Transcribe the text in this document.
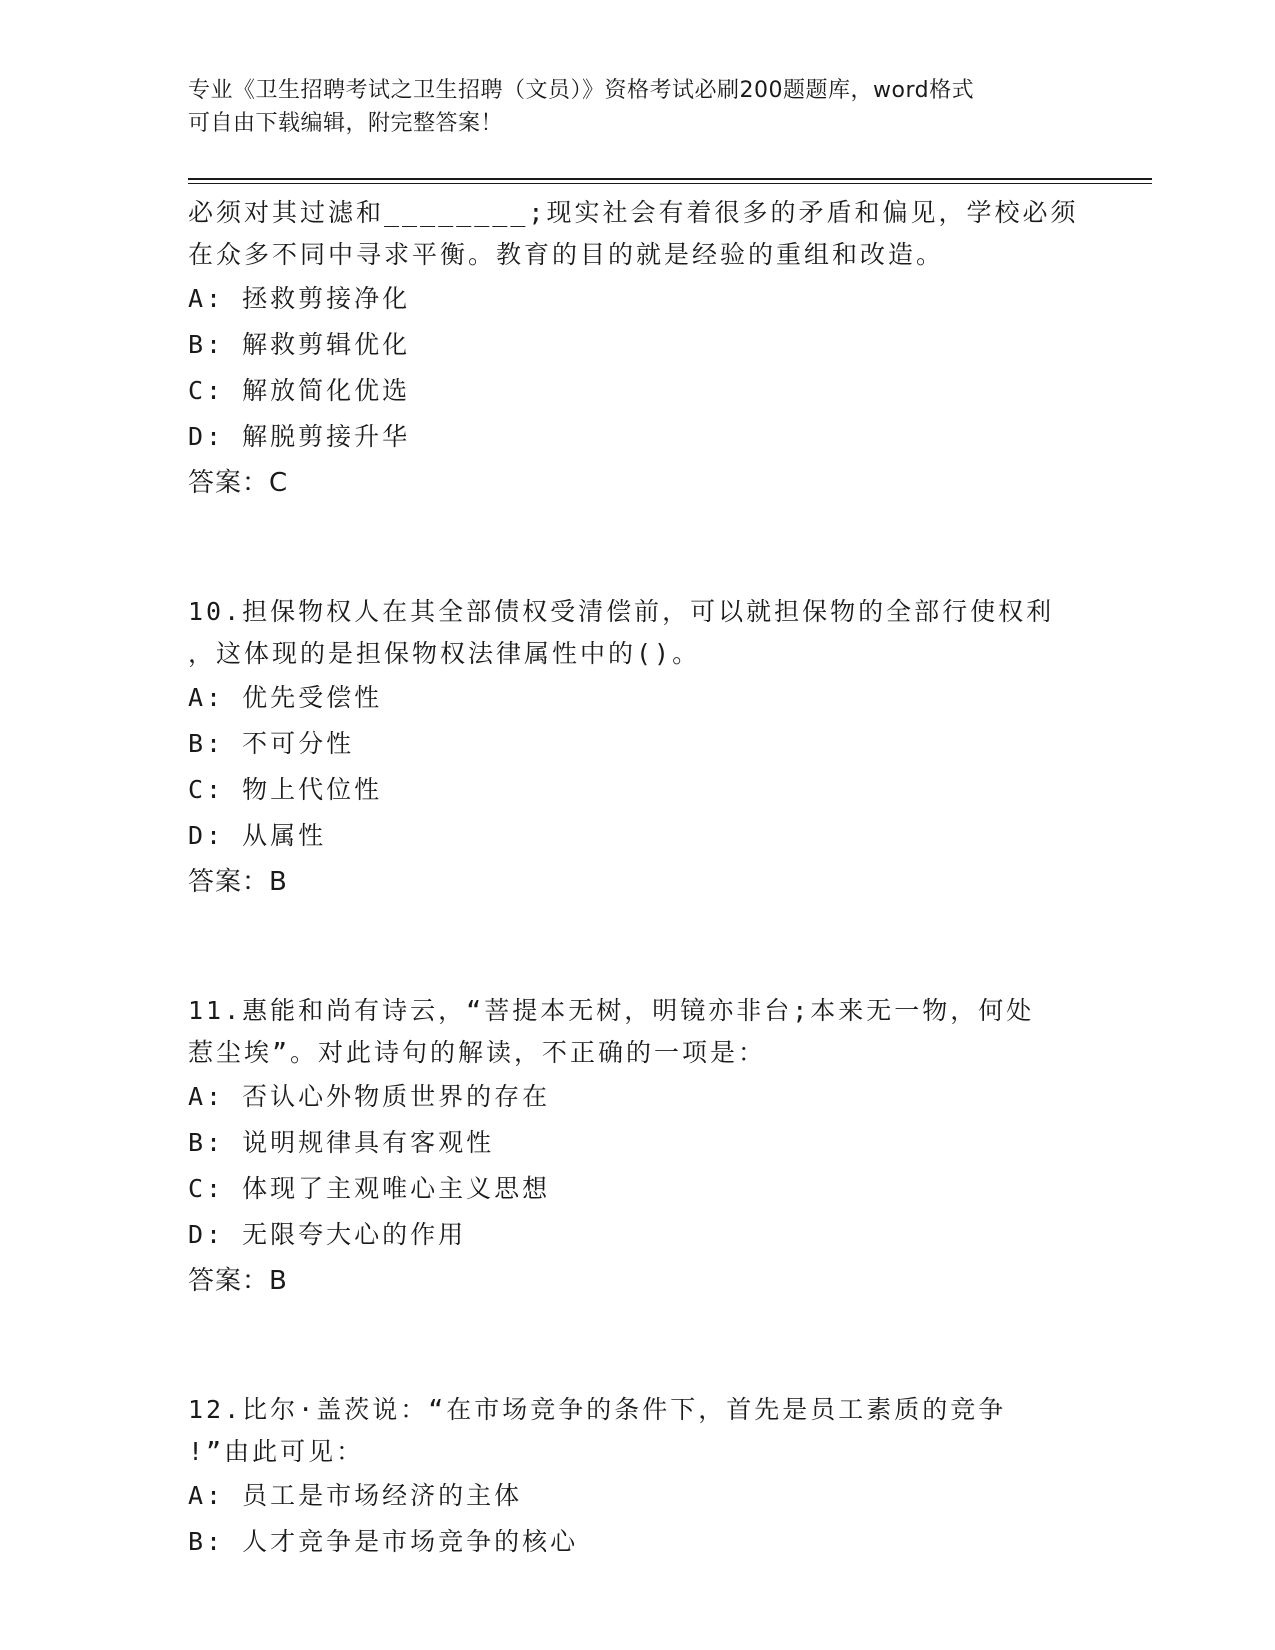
专业《卫生招聘考试之卫生招聘（文员）》资格考试必刷200题题库，word格式
可自由下载编辑，附完整答案！
必须对其过滤和________;现实社会有着很多的矛盾和偏见，学校必须
在众多不同中寻求平衡。教育的目的就是经验的重组和改造。
A: 拯救剪接净化
B: 解救剪辑优化
C: 解放简化优选
D: 解脱剪接升华
答案：C
10.担保物权人在其全部债权受清偿前，可以就担保物的全部行使权利
，这体现的是担保物权法律属性中的()。
A: 优先受偿性
B: 不可分性
C: 物上代位性
D: 从属性
答案：B
11.惠能和尚有诗云，“菩提本无树，明镜亦非台;本来无一物，何处
惹尘埃”。对此诗句的解读，不正确的一项是：
A: 否认心外物质世界的存在
B: 说明规律具有客观性
C: 体现了主观唯心主义思想
D: 无限夸大心的作用
答案：B
12.比尔·盖茨说：“在市场竞争的条件下，首先是员工素质的竞争
!”由此可见：
A: 员工是市场经济的主体
B: 人才竞争是市场竞争的核心
